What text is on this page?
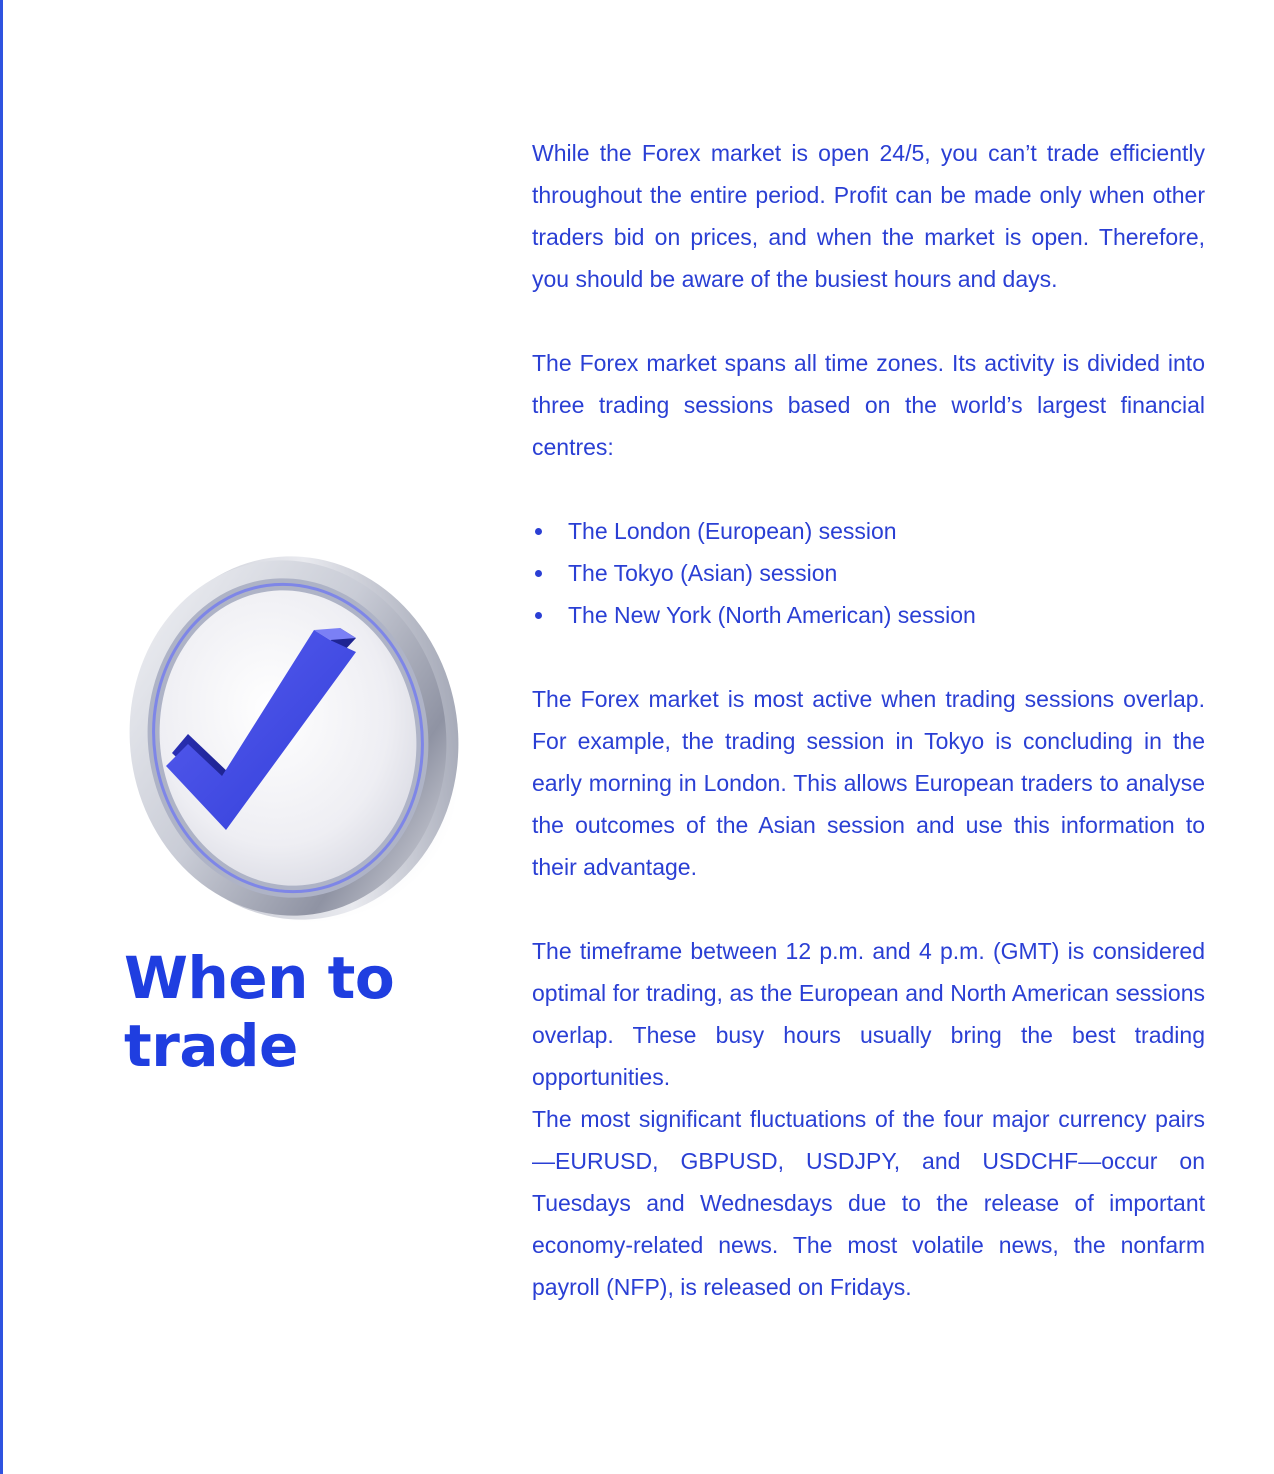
When to
trade

While the Forex market is open 24/5, you can’t trade efficiently throughout the entire period. Profit can be made only when other traders bid on prices, and when the market is open. Therefore, you should be aware of the busiest hours and days.

The Forex market spans all time zones. Its activity is divided into three trading sessions based on the world’s largest financial centres:

The London (European) session
The Tokyo (Asian) session
The New York (North American) session

The Forex market is most active when trading sessions overlap. For example, the trading session in Tokyo is concluding in the early morning in London. This allows European traders to analyse the outcomes of the Asian session and use this information to their advantage.

The timeframe between 12 p.m. and 4 p.m. (GMT) is considered optimal for trading, as the European and North American sessions overlap. These busy hours usually bring the best trading opportunities.

The most significant fluctuations of the four major currency pairs—EURUSD, GBPUSD, USDJPY, and USDCHF—occur on Tuesdays and Wednesdays due to the release of important economy-related news. The most volatile news, the nonfarm payroll (NFP), is released on Fridays.
